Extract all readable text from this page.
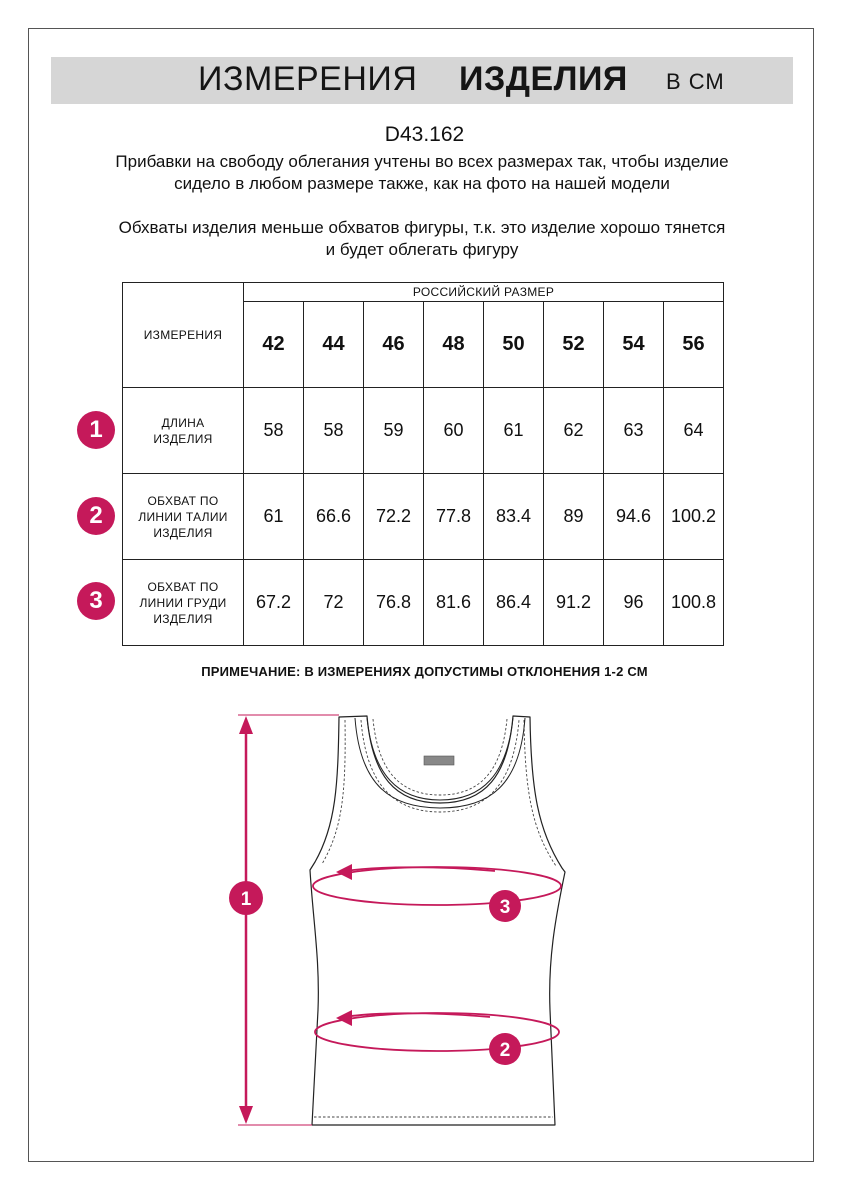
ИЗМЕРЕНИЯ ИЗДЕЛИЯ В СМ
D43.162
Прибавки на свободу облегания учтены во всех размерах так, чтобы изделие сидело в любом размере также, как на фото на нашей модели
Обхваты изделия меньше обхватов фигуры, т.к. это изделие хорошо тянется и будет облегать фигуру
ИЗМЕРЕНИЯ	РОССИЙСКИЙ РАЗМЕР							
	42	44	46	48	50	52	54	56

ДЛИНА
ИЗДЕЛИЯ	58	58	59	60	61	62	63	64

ОБХВАТ ПО
ЛИНИИ ТАЛИИ
ИЗДЕЛИЯ	61	66.6	72.2	77.8	83.4	89	94.6	100.2

ОБХВАТ ПО
ЛИНИИ ГРУДИ
ИЗДЕЛИЯ	67.2	72	76.8	81.6	86.4	91.2	96	100.8
1
2
3
ПРИМЕЧАНИЕ: В ИЗМЕРЕНИЯХ ДОПУСТИМЫ ОТКЛОНЕНИЯ 1-2 СМ
1	3
2
